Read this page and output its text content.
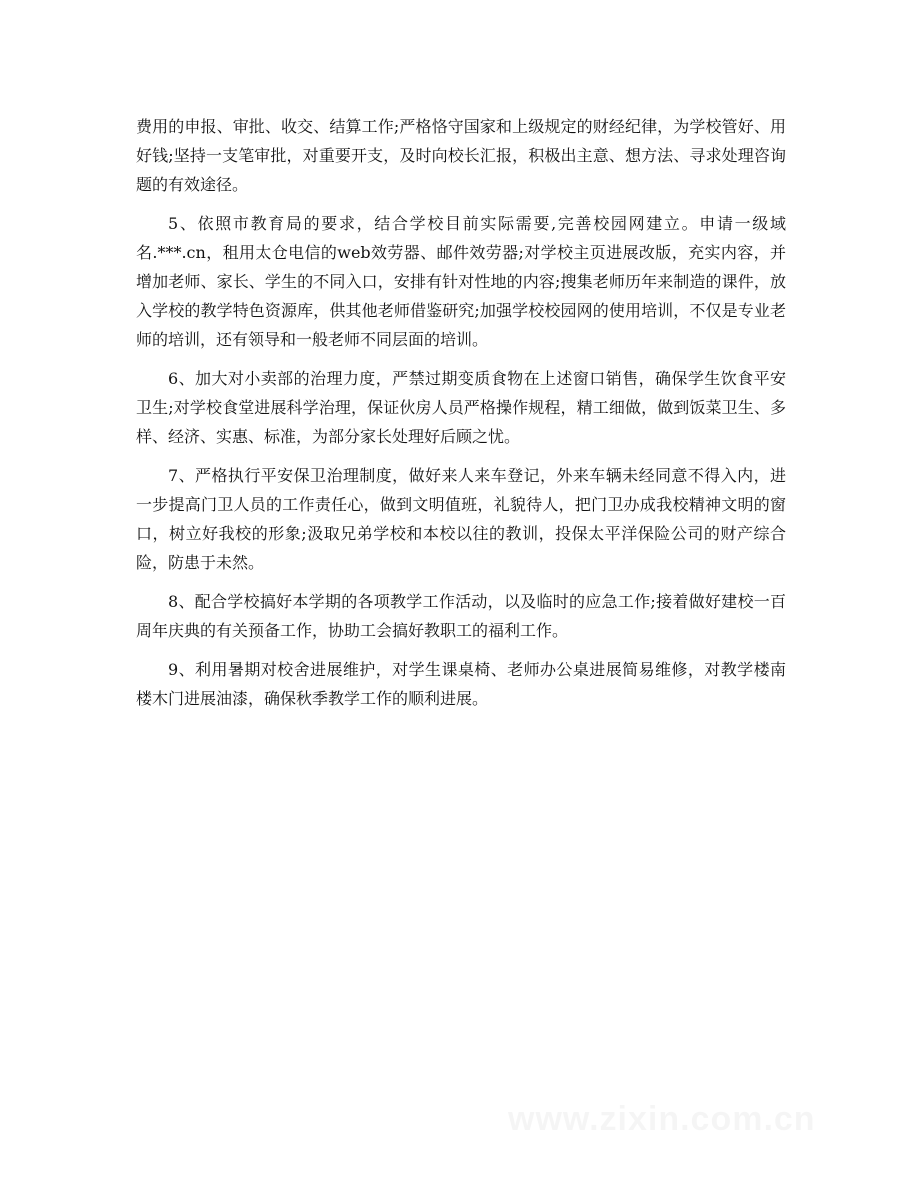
费用的申报、审批、收交、结算工作;严格恪守国家和上级规定的财经纪律，为学校管好、用好钱;坚持一支笔审批，对重要开支，及时向校长汇报，积极出主意、想方法、寻求处理咨询题的有效途径。

5、依照市教育局的要求，结合学校目前实际需要,完善校园网建立。申请一级域名.***.cn，租用太仓电信的web效劳器、邮件效劳器;对学校主页进展改版，充实内容，并增加老师、家长、学生的不同入口，安排有针对性地的内容;搜集老师历年来制造的课件，放入学校的教学特色资源库，供其他老师借鉴研究;加强学校校园网的使用培训，不仅是专业老师的培训，还有领导和一般老师不同层面的培训。

6、加大对小卖部的治理力度，严禁过期变质食物在上述窗口销售，确保学生饮食平安卫生;对学校食堂进展科学治理，保证伙房人员严格操作规程，精工细做，做到饭菜卫生、多样、经济、实惠、标准，为部分家长处理好后顾之忧。

7、严格执行平安保卫治理制度，做好来人来车登记，外来车辆未经同意不得入内，进一步提高门卫人员的工作责任心，做到文明值班，礼貌待人，把门卫办成我校精神文明的窗口，树立好我校的形象;汲取兄弟学校和本校以往的教训，投保太平洋保险公司的财产综合险，防患于未然。

8、配合学校搞好本学期的各项教学工作活动，以及临时的应急工作;接着做好建校一百周年庆典的有关预备工作，协助工会搞好教职工的福利工作。

9、利用暑期对校舍进展维护，对学生课桌椅、老师办公桌进展简易维修，对教学楼南楼木门进展油漆，确保秋季教学工作的顺利进展。
